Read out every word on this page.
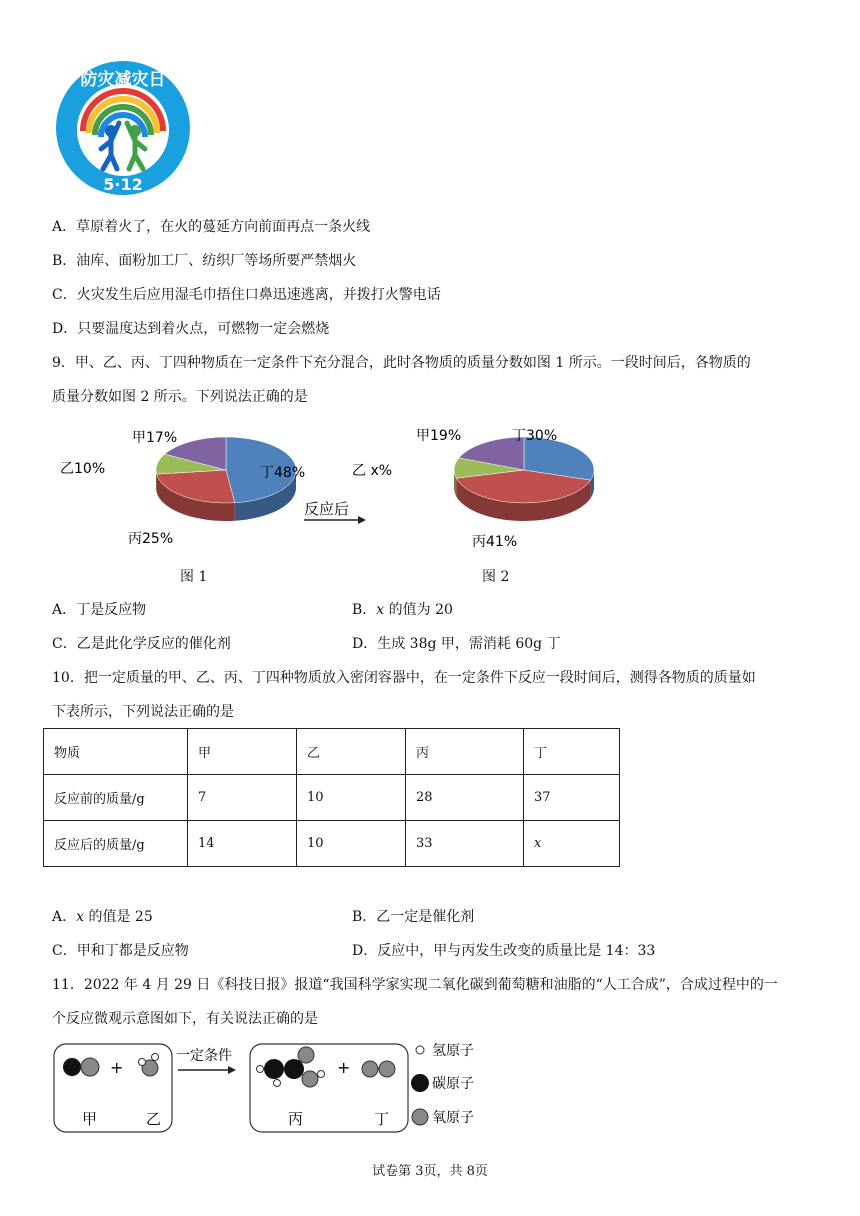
防灾减灾日
5·12
A．草原着火了，在火的蔓延方向前面再点一条火线
B．油库、面粉加工厂、纺织厂等场所要严禁烟火
C．火灾发生后应用湿毛巾捂住口鼻迅速逃离，并拨打火警电话
D．只要温度达到着火点，可燃物一定会燃烧
9．甲、乙、丙、丁四种物质在一定条件下充分混合，此时各物质的质量分数如图 1 所示。一段时间后，各物质的
质量分数如图 2 所示。下列说法正确的是
甲17%
乙10%
丙25%
丁48%
甲19%
乙 x%
丙41%
丁30%
反应后
图 1	图 2
A．丁是反应物	B．x 的值为 20
C．乙是此化学反应的催化剂	D．生成 38g 甲，需消耗 60g 丁
10．把一定质量的甲、乙、丙、丁四种物质放入密闭容器中，在一定条件下反应一段时间后，测得各物质的质量如
下表所示，下列说法正确的是
物质	甲	乙	丙	丁
反应前的质量/g	7	10	28	37
反应后的质量/g	14	10	33	x
A．x 的值是 25	B．乙一定是催化剂
C．甲和丁都是反应物	D．反应中，甲与丙发生改变的质量比是 14：33
11．2022 年 4 月 29 日《科技日报》报道“我国科学家实现二氧化碳到葡萄糖和油脂的“人工合成”，合成过程中的一
个反应微观示意图如下，有关说法正确的是
+
甲	乙
一定条件
+
丙	丁
氢原子
碳原子
氧原子
试卷第 3页，共 8页
